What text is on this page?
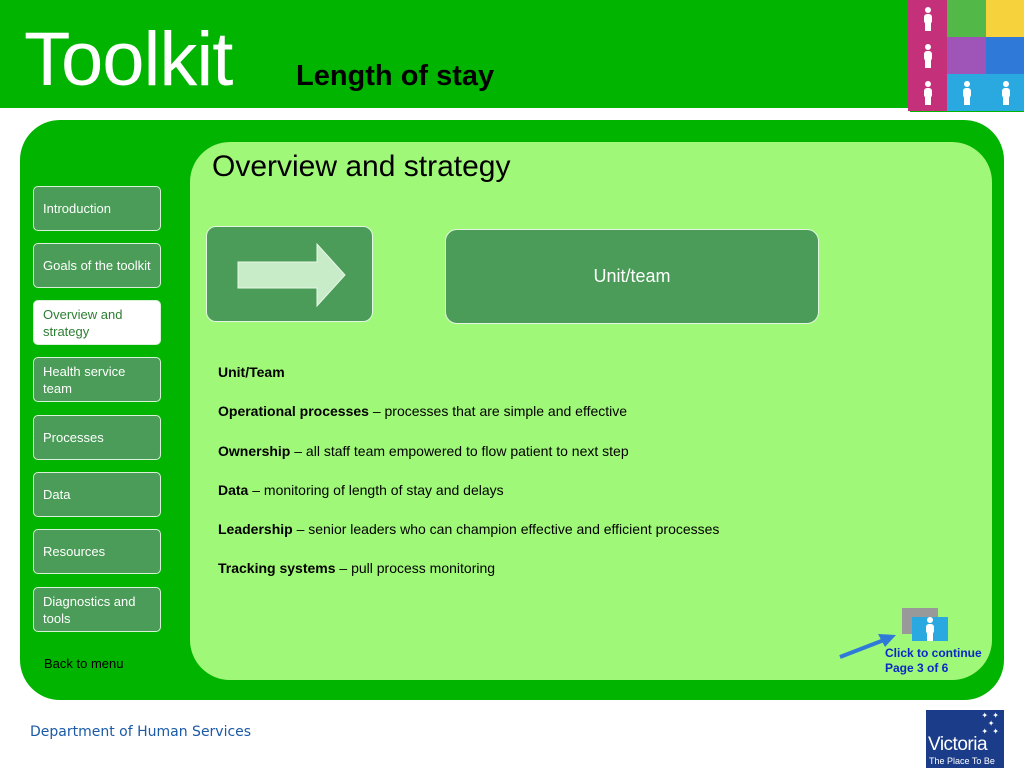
Toolkit Length of stay
Introduction
Goals of the toolkit
Overview and strategy
Health service team
Processes
Data
Resources
Diagnostics and tools
Back to menu
Overview and strategy
Unit/team
Unit/Team
Operational processes – processes that are simple and effective
Ownership – all staff team empowered to flow patient to next step
Data – monitoring of length of stay and delays
Leadership – senior leaders who can champion effective and efficient processes
Tracking systems – pull process monitoring
Click to continue
Page 3 of 6
Department of Human Services
✦ ✦
✦
✦ ✦
Victoria
The Place To Be
